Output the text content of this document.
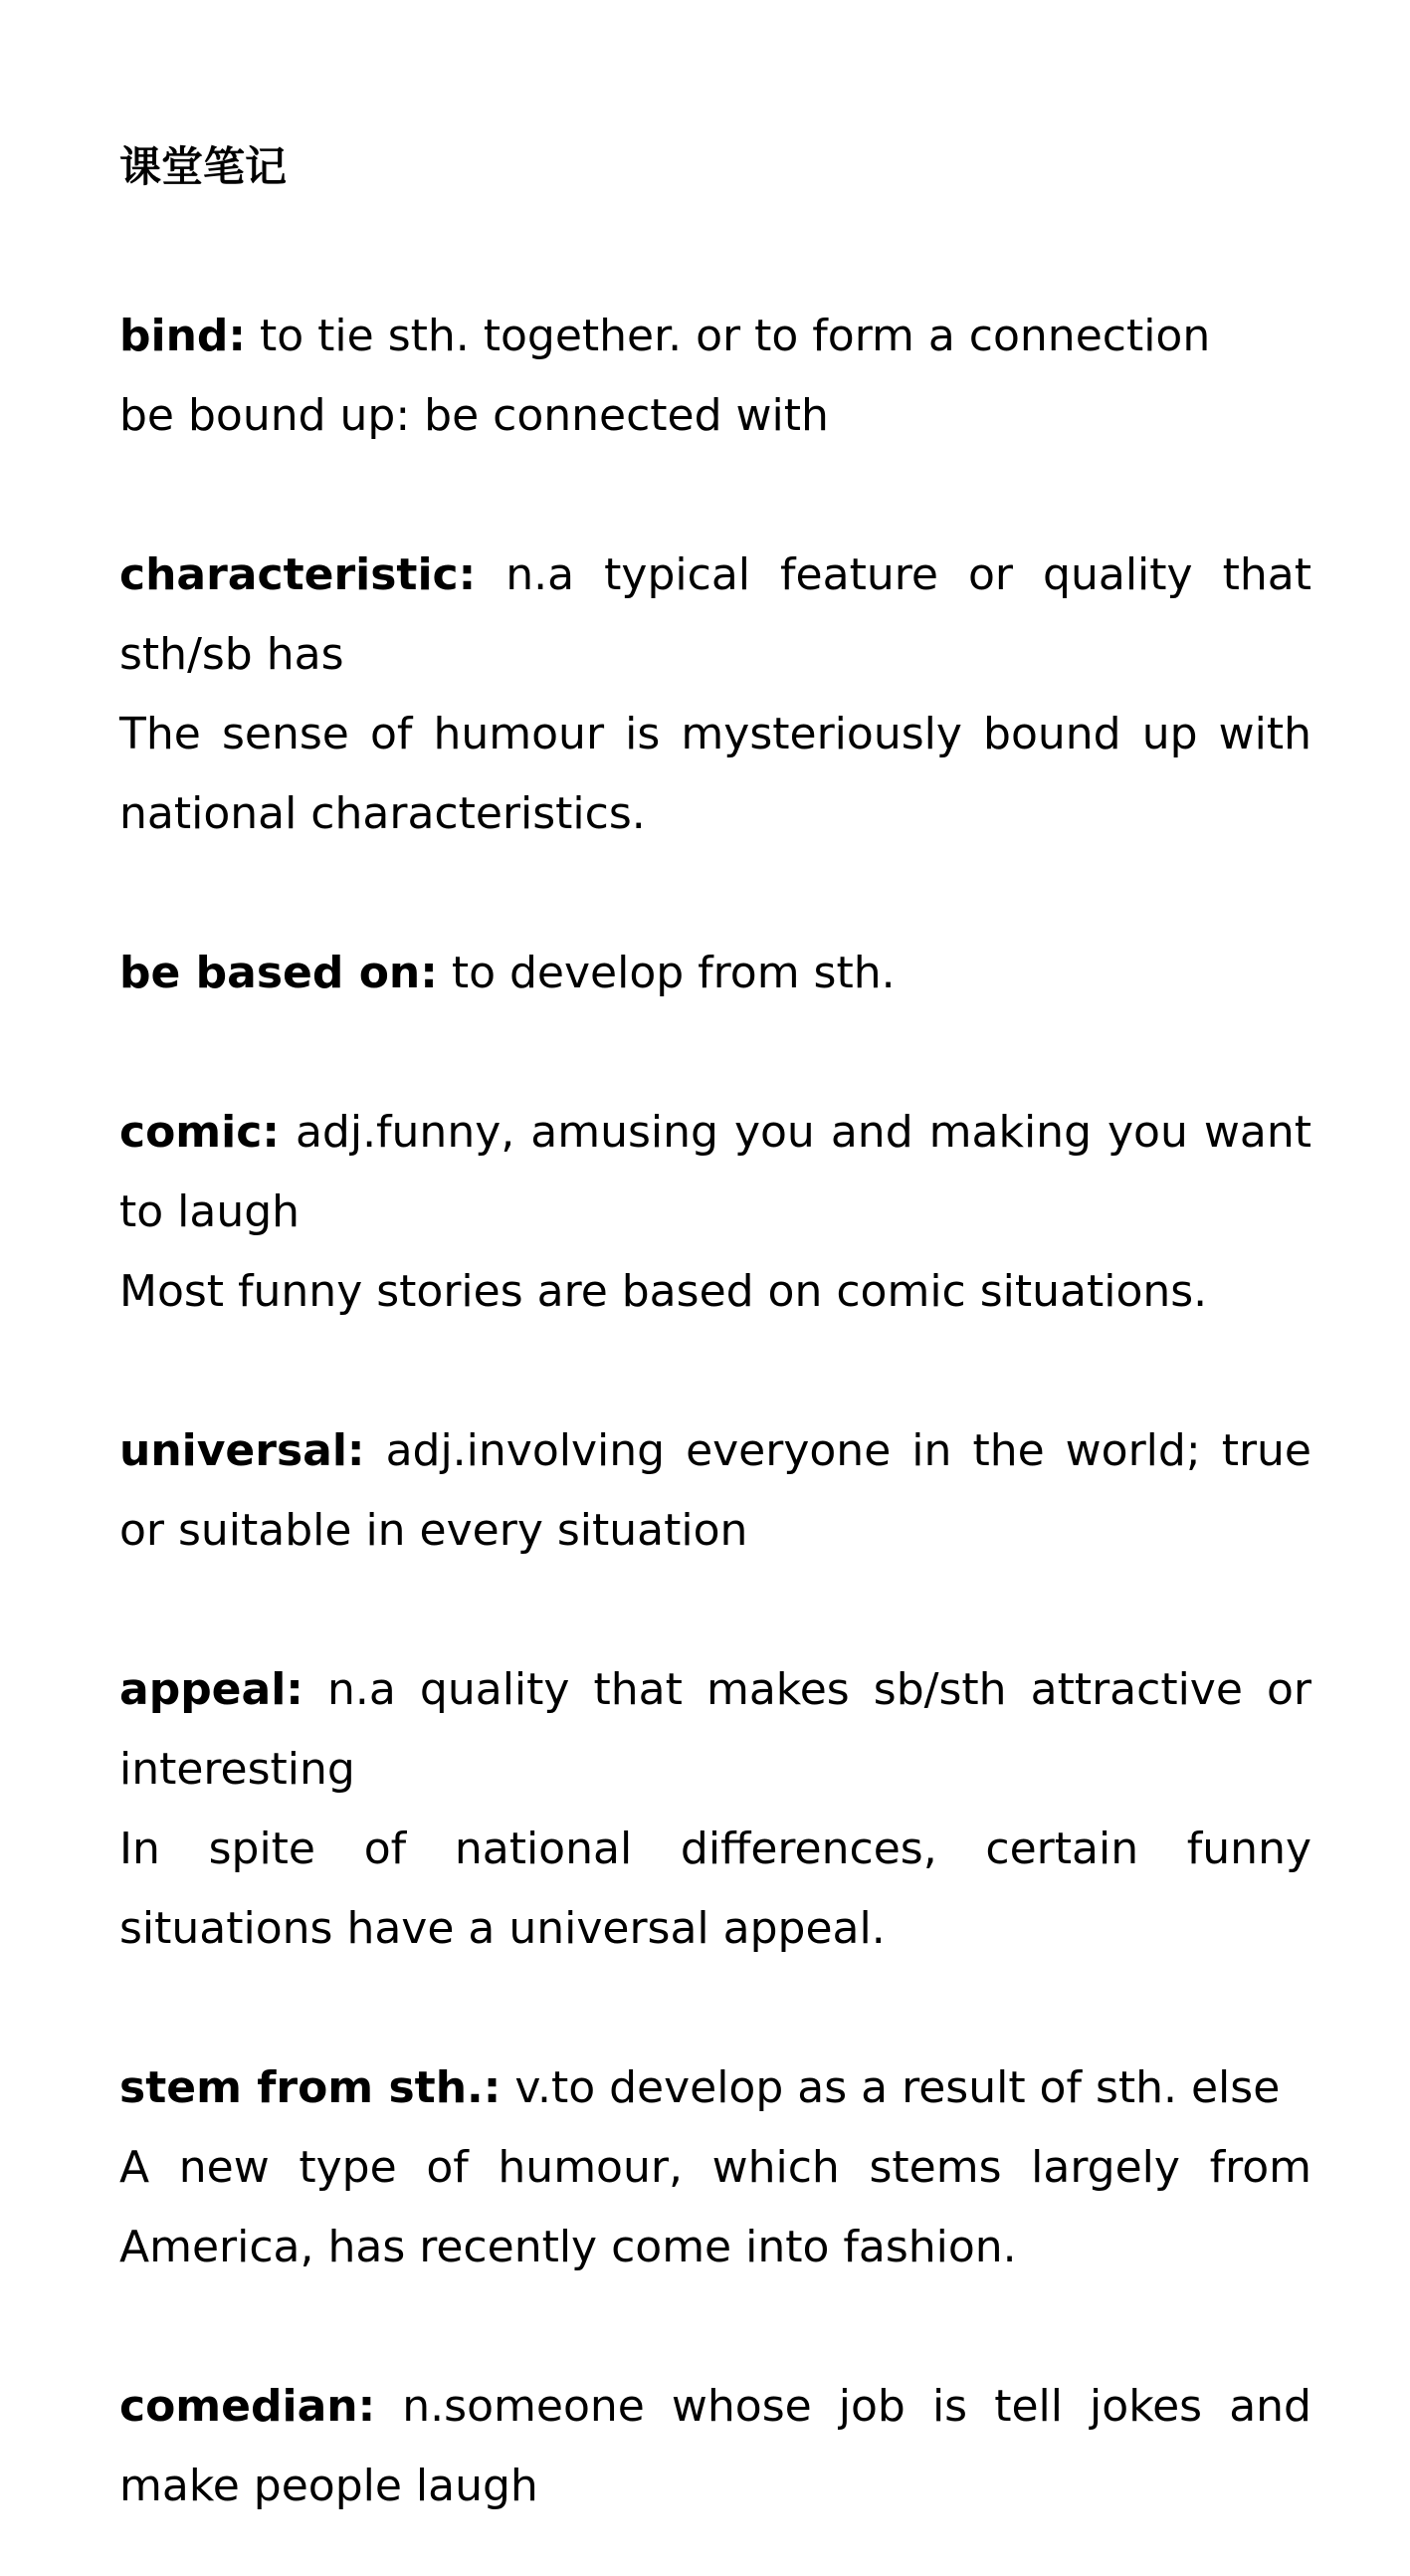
课堂笔记

bind: to tie sth. together. or to form a connection

be bound up: be connected with

characteristic: n.a typical feature or quality that sth/sb has

The sense of humour is mysteriously bound up with national characteristics.

be based on: to develop from sth.

comic: adj.funny, amusing you and making you want to laugh

Most funny stories are based on comic situations.

universal: adj.involving everyone in the world; true or suitable in every situation

appeal: n.a quality that makes sb/sth attractive or interesting

In spite of national differences, certain funny situations have a universal appeal.

stem from sth.: v.to develop as a result of sth. else

A new type of humour, which stems largely from America, has recently come into fashion.

comedian: n.someone whose job is tell jokes and make people laugh
